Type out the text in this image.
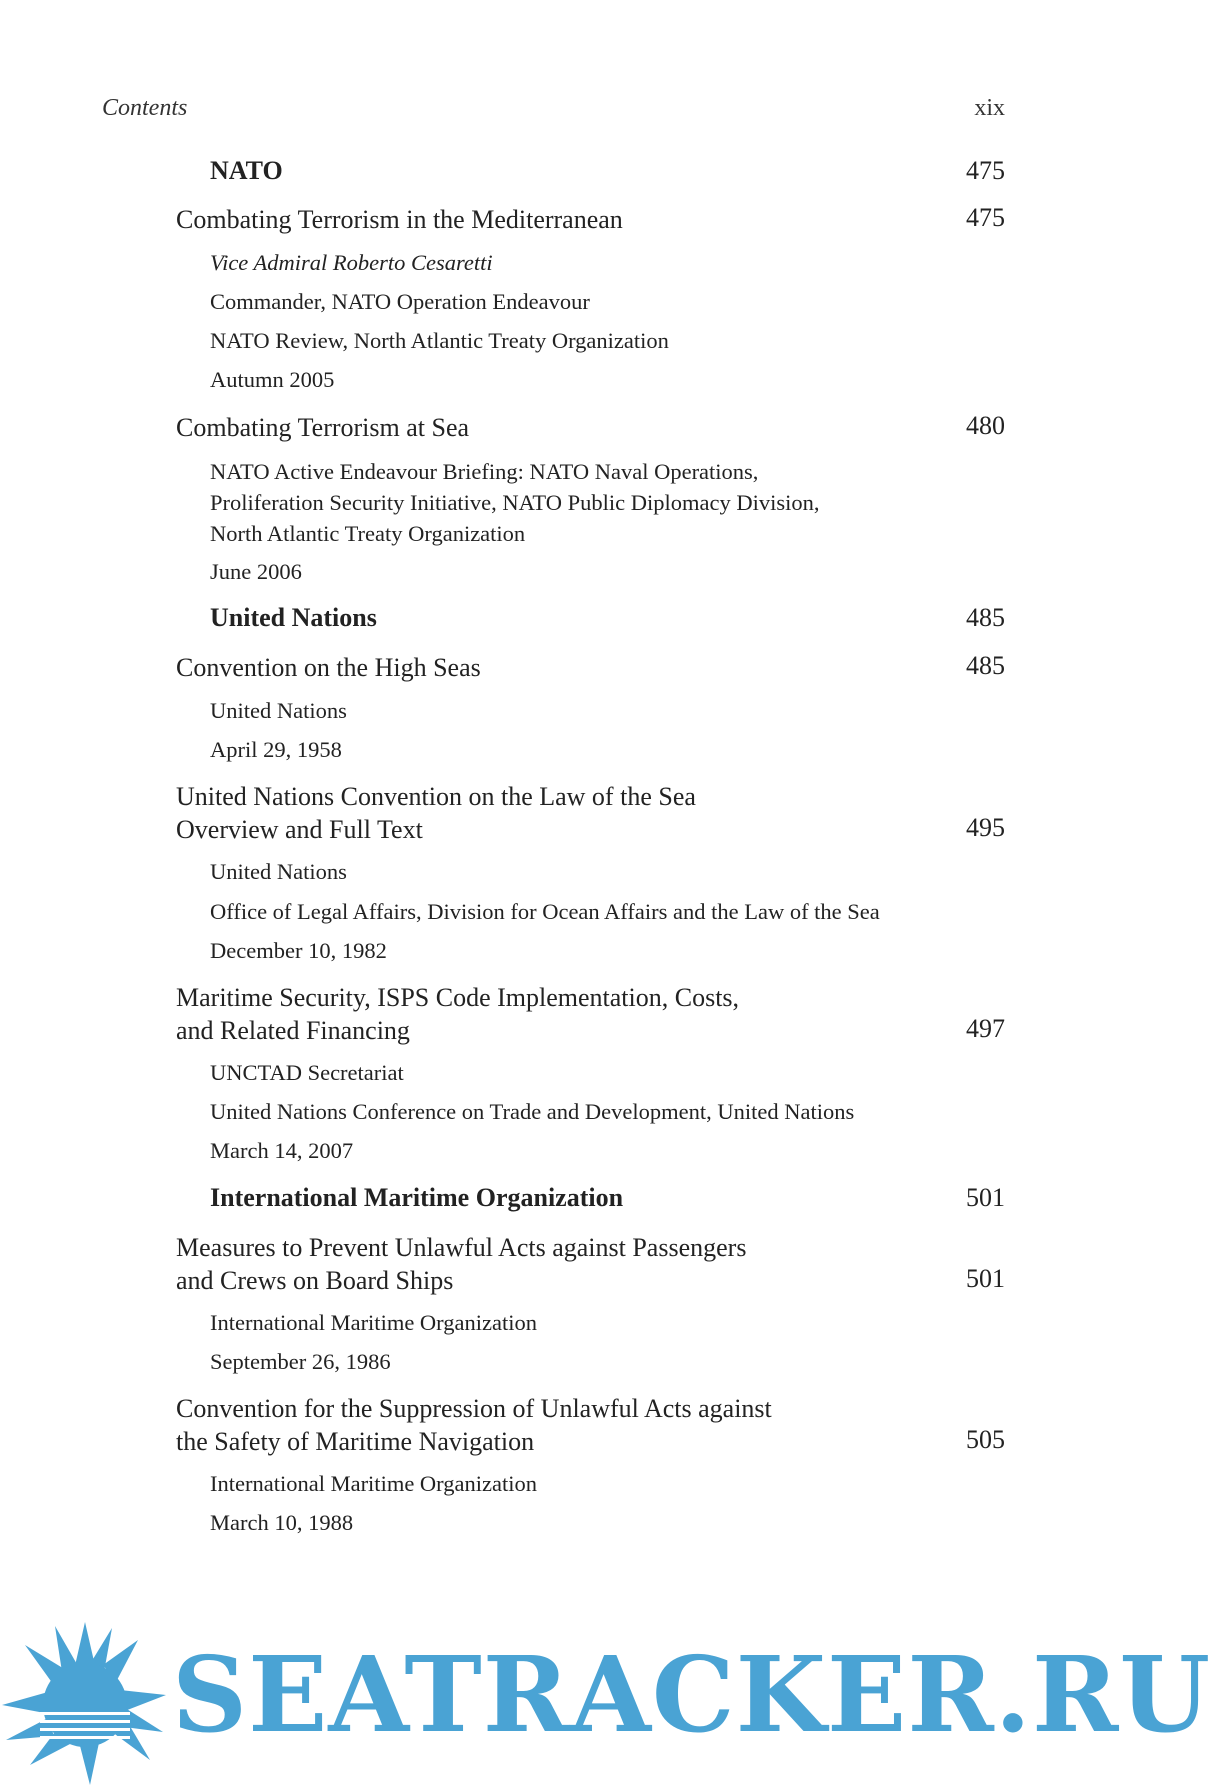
Contents	xix
NATO	475
Combating Terrorism in the Mediterranean	475
Vice Admiral Roberto Cesaretti
Commander, NATO Operation Endeavour
NATO Review, North Atlantic Treaty Organization
Autumn 2005
Combating Terrorism at Sea	480
NATO Active Endeavour Briefing: NATO Naval Operations,
Proliferation Security Initiative, NATO Public Diplomacy Division,
North Atlantic Treaty Organization
June 2006
United Nations	485
Convention on the High Seas	485
United Nations
April 29, 1958
United Nations Convention on the Law of the Sea
Overview and Full Text	495
United Nations
Office of Legal Affairs, Division for Ocean Affairs and the Law of the Sea
December 10, 1982
Maritime Security, ISPS Code Implementation, Costs,
and Related Financing	497
UNCTAD Secretariat
United Nations Conference on Trade and Development, United Nations
March 14, 2007
International Maritime Organization	501
Measures to Prevent Unlawful Acts against Passengers
and Crews on Board Ships	501
International Maritime Organization
September 26, 1986
Convention for the Suppression of Unlawful Acts against
the Safety of Maritime Navigation	505
International Maritime Organization
March 10, 1988
SEATRACKER.RU
